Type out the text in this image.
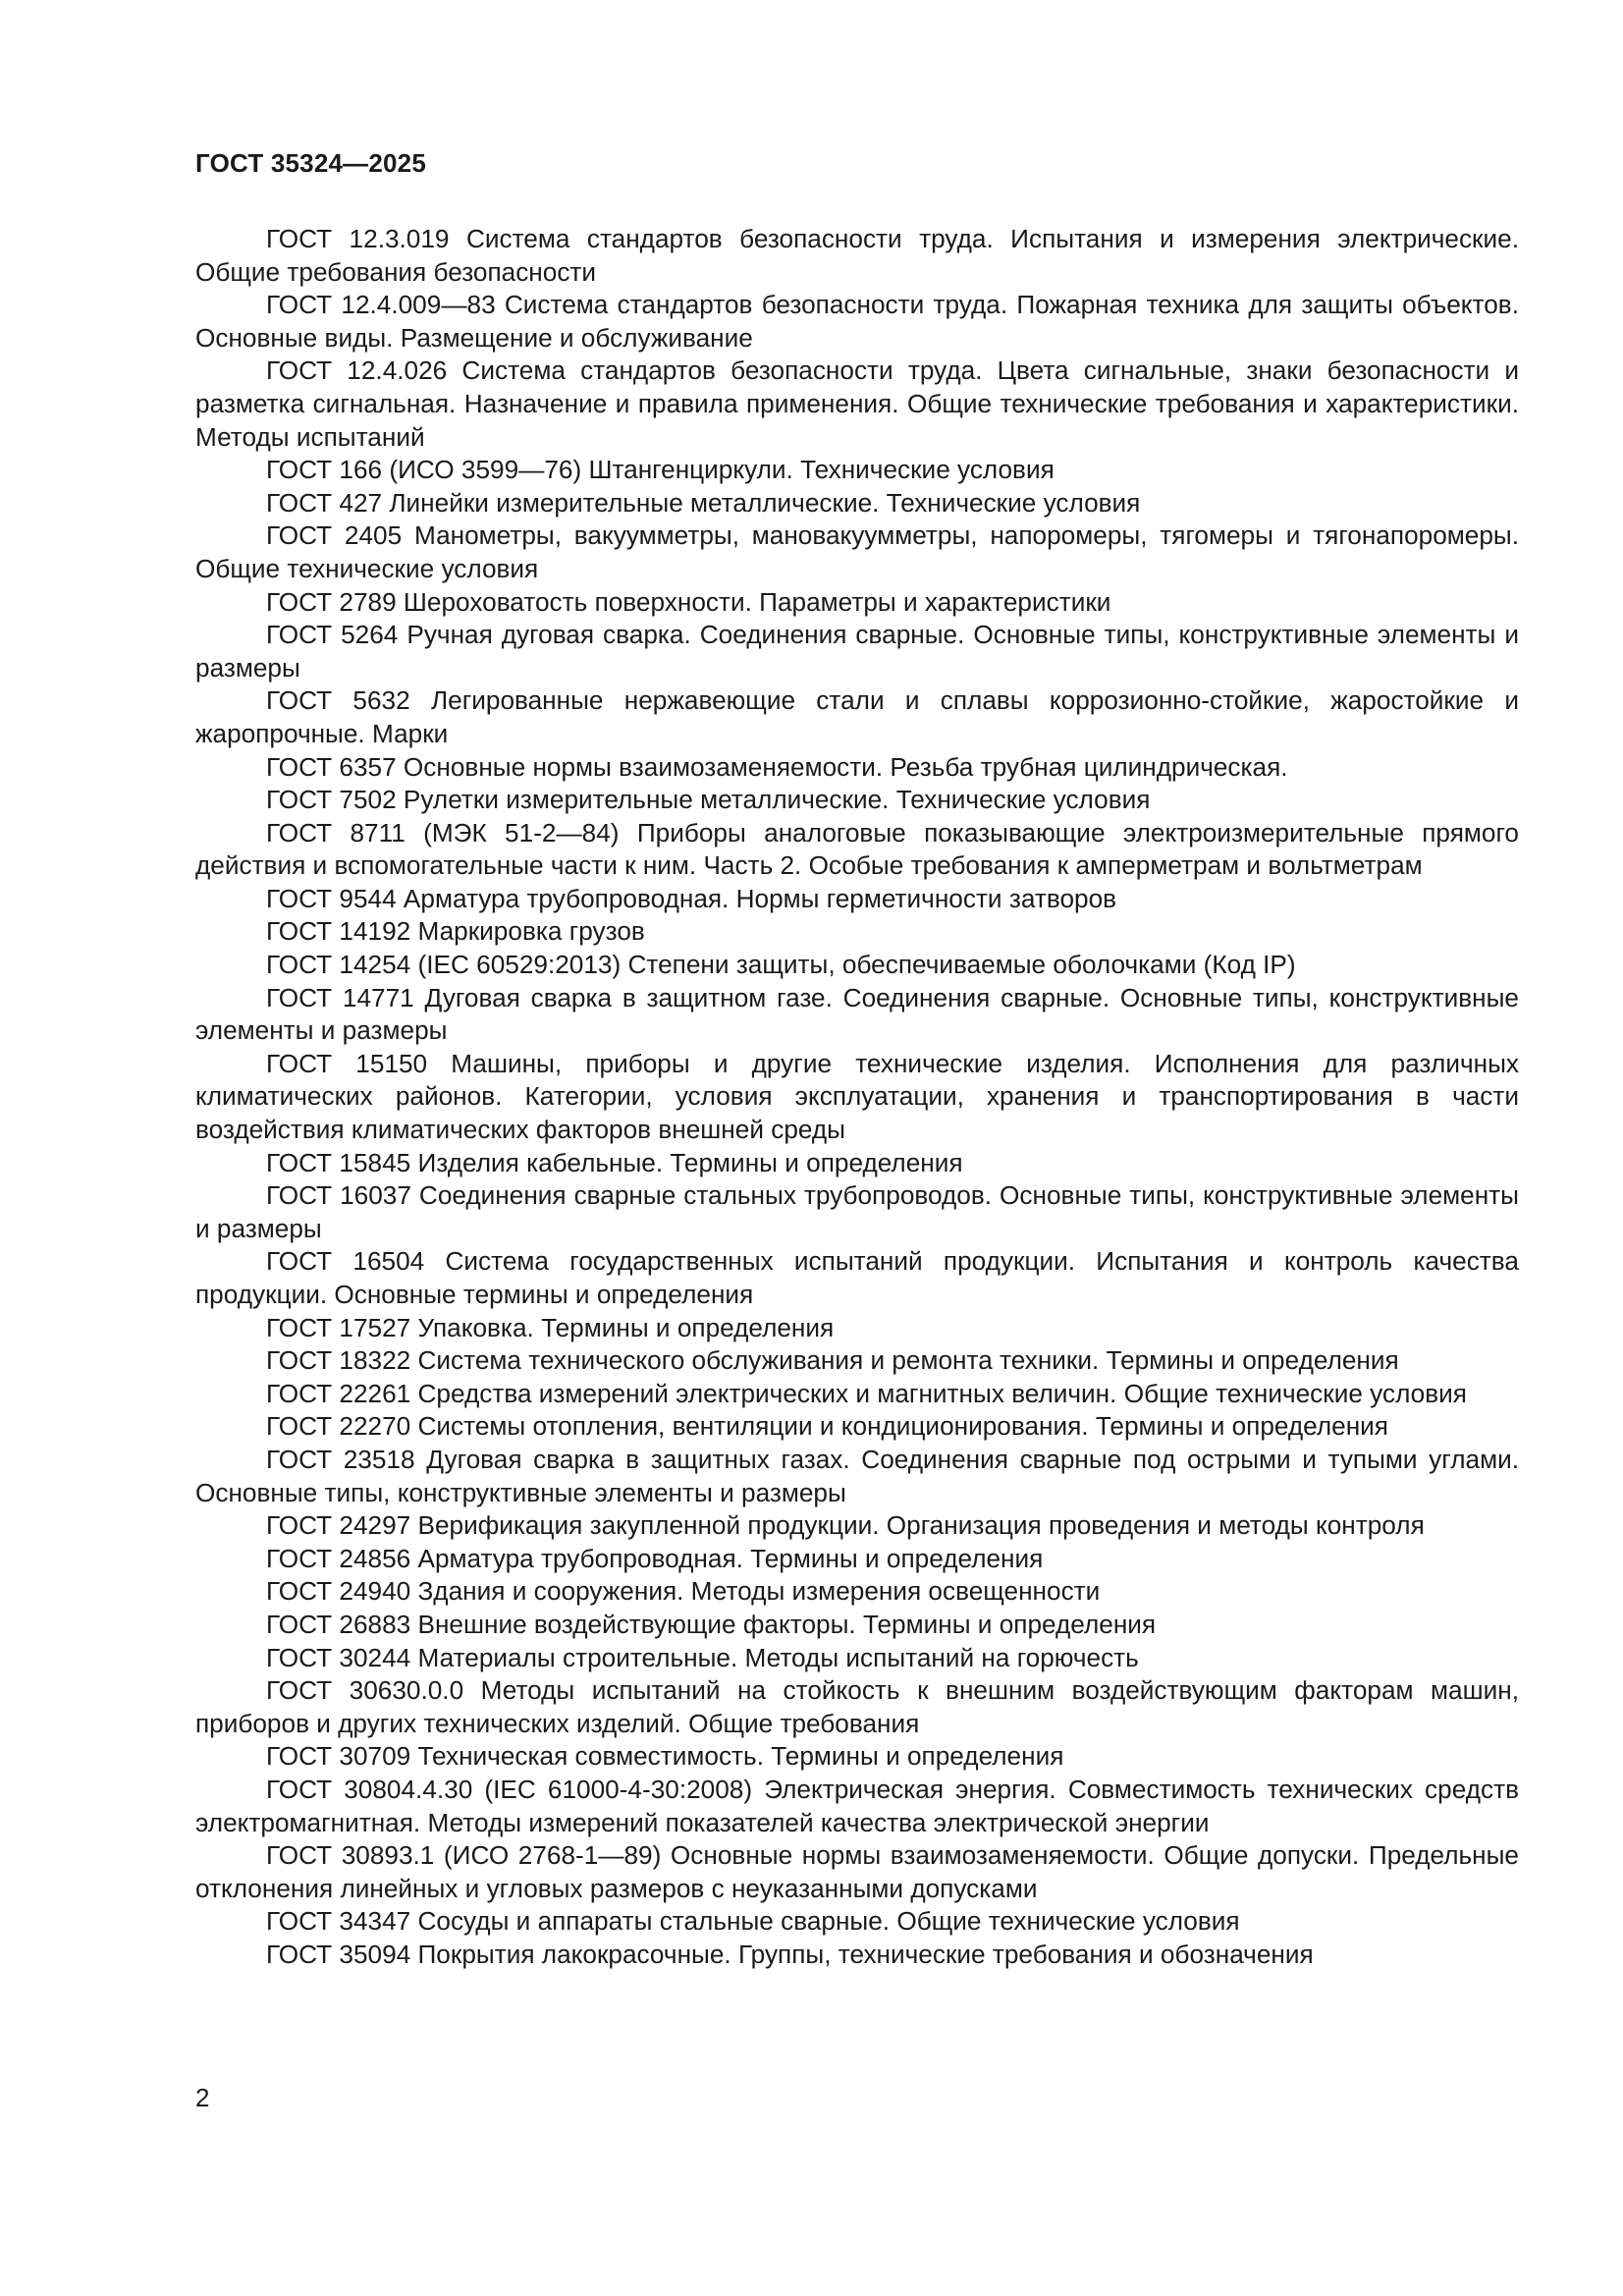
ГОСТ 35324—2025

ГОСТ 12.3.019 Система стандартов безопасности труда. Испытания и измерения электрические. Общие требования безопасности

ГОСТ 12.4.009—83 Система стандартов безопасности труда. Пожарная техника для защиты объектов. Основные виды. Размещение и обслуживание

ГОСТ 12.4.026 Система стандартов безопасности труда. Цвета сигнальные, знаки безопасности и разметка сигнальная. Назначение и правила применения. Общие технические требования и характеристики. Методы испытаний

ГОСТ 166 (ИСО 3599—76) Штангенциркули. Технические условия

ГОСТ 427 Линейки измерительные металлические. Технические условия

ГОСТ 2405 Манометры, вакуумметры, мановакуумметры, напоромеры, тягомеры и тягонапоромеры. Общие технические условия

ГОСТ 2789 Шероховатость поверхности. Параметры и характеристики

ГОСТ 5264 Ручная дуговая сварка. Соединения сварные. Основные типы, конструктивные элементы и размеры

ГОСТ 5632 Легированные нержавеющие стали и сплавы коррозионно-стойкие, жаростойкие и жаропрочные. Марки

ГОСТ 6357 Основные нормы взаимозаменяемости. Резьба трубная цилиндрическая.

ГОСТ 7502 Рулетки измерительные металлические. Технические условия

ГОСТ 8711 (МЭК 51-2—84) Приборы аналоговые показывающие электроизмерительные прямого действия и вспомогательные части к ним. Часть 2. Особые требования к амперметрам и вольтметрам

ГОСТ 9544 Арматура трубопроводная. Нормы герметичности затворов

ГОСТ 14192 Маркировка грузов

ГОСТ 14254 (IEC 60529:2013) Степени защиты, обеспечиваемые оболочками (Код IP)

ГОСТ 14771 Дуговая сварка в защитном газе. Соединения сварные. Основные типы, конструктивные элементы и размеры

ГОСТ 15150 Машины, приборы и другие технические изделия. Исполнения для различных климатических районов. Категории, условия эксплуатации, хранения и транспортирования в части воздействия климатических факторов внешней среды

ГОСТ 15845 Изделия кабельные. Термины и определения

ГОСТ 16037 Соединения сварные стальных трубопроводов. Основные типы, конструктивные элементы и размеры

ГОСТ 16504 Система государственных испытаний продукции. Испытания и контроль качества продукции. Основные термины и определения

ГОСТ 17527 Упаковка. Термины и определения

ГОСТ 18322 Система технического обслуживания и ремонта техники. Термины и определения

ГОСТ 22261 Средства измерений электрических и магнитных величин. Общие технические условия

ГОСТ 22270 Системы отопления, вентиляции и кондиционирования. Термины и определения

ГОСТ 23518 Дуговая сварка в защитных газах. Соединения сварные под острыми и тупыми углами. Основные типы, конструктивные элементы и размеры

ГОСТ 24297 Верификация закупленной продукции. Организация проведения и методы контроля

ГОСТ 24856 Арматура трубопроводная. Термины и определения

ГОСТ 24940 Здания и сооружения. Методы измерения освещенности

ГОСТ 26883 Внешние воздействующие факторы. Термины и определения

ГОСТ 30244 Материалы строительные. Методы испытаний на горючесть

ГОСТ 30630.0.0 Методы испытаний на стойкость к внешним воздействующим факторам машин, приборов и других технических изделий. Общие требования

ГОСТ 30709 Техническая совместимость. Термины и определения

ГОСТ 30804.4.30 (IEC 61000-4-30:2008) Электрическая энергия. Совместимость технических средств электромагнитная. Методы измерений показателей качества электрической энергии

ГОСТ 30893.1 (ИСО 2768-1—89) Основные нормы взаимозаменяемости. Общие допуски. Предельные отклонения линейных и угловых размеров с неуказанными допусками

ГОСТ 34347 Сосуды и аппараты стальные сварные. Общие технические условия

ГОСТ 35094 Покрытия лакокрасочные. Группы, технические требования и обозначения

2
